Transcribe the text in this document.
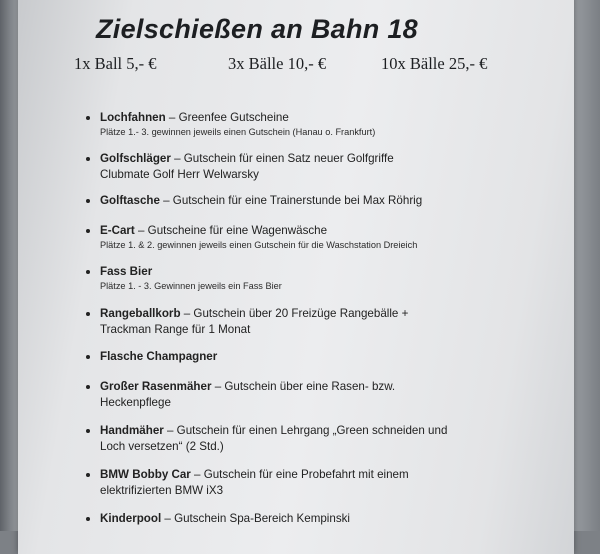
Zielschießen an Bahn 18
1x Ball 5,- €	3x Bälle 10,- €	10x Bälle 25,- €
Lochfahnen – Greenfee Gutscheine
Plätze 1.- 3. gewinnen jeweils einen Gutschein (Hanau o. Frankfurt)
Golfschläger – Gutschein für einen Satz neuer Golfgriffe
Clubmate Golf Herr Welwarsky
Golftasche – Gutschein für eine Trainerstunde bei Max Röhrig
E-Cart – Gutscheine für eine Wagenwäsche
Plätze 1. & 2. gewinnen jeweils einen Gutschein für die Waschstation Dreieich
Fass Bier
Plätze 1. - 3. Gewinnen jeweils ein Fass Bier
Rangeballkorb – Gutschein über 20 Freizüge Rangebälle +
Trackman Range für 1 Monat
Flasche Champagner
Großer Rasenmäher – Gutschein über eine Rasen- bzw.
Heckenpflege
Handmäher – Gutschein für einen Lehrgang „Green schneiden und
Loch versetzen“ (2 Std.)
BMW Bobby Car – Gutschein für eine Probefahrt mit einem
elektrifizierten BMW iX3
Kinderpool – Gutschein Spa-Bereich Kempinski
